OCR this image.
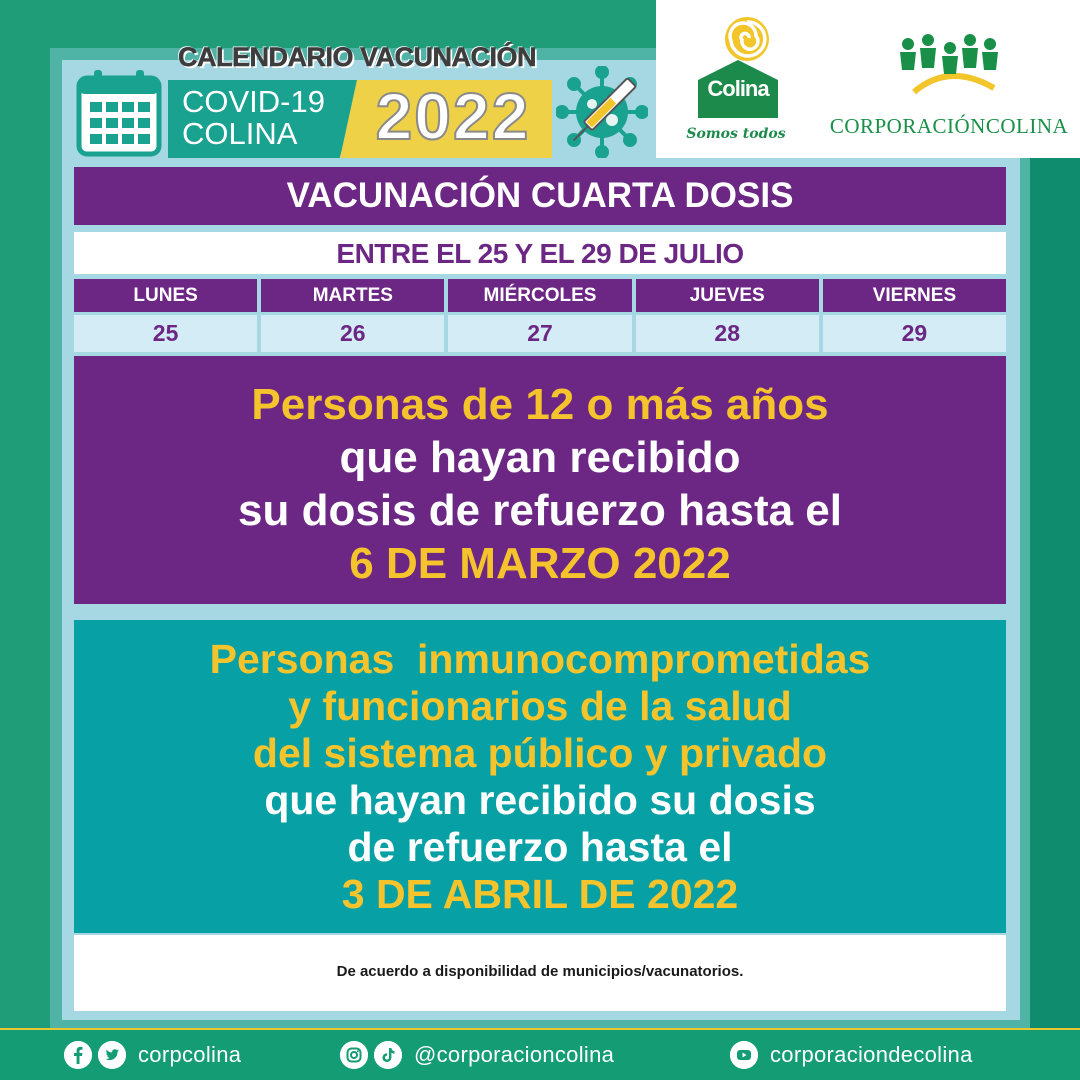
Colina
Somos todos CORPORACIÓNCOLINA
CALENDARIO VACUNACIÓN
COVID-19
COLINA 2022
VACUNACIÓN CUARTA DOSIS
ENTRE EL 25 Y EL 29 DE JULIO
LUNES	MARTES	MIÉRCOLES	JUEVES	VIERNES
25	26	27	28	29
Personas de 12 o más años
que hayan recibido
su dosis de refuerzo hasta el
6 DE MARZO 2022
Personas  inmunocomprometidas
y funcionarios de la salud
del sistema público y privado
que hayan recibido su dosis
de refuerzo hasta el
3 DE ABRIL DE 2022
De acuerdo a disponibilidad de municipios/vacunatorios.
corpcolina	@corporacioncolina	corporaciondecolina
